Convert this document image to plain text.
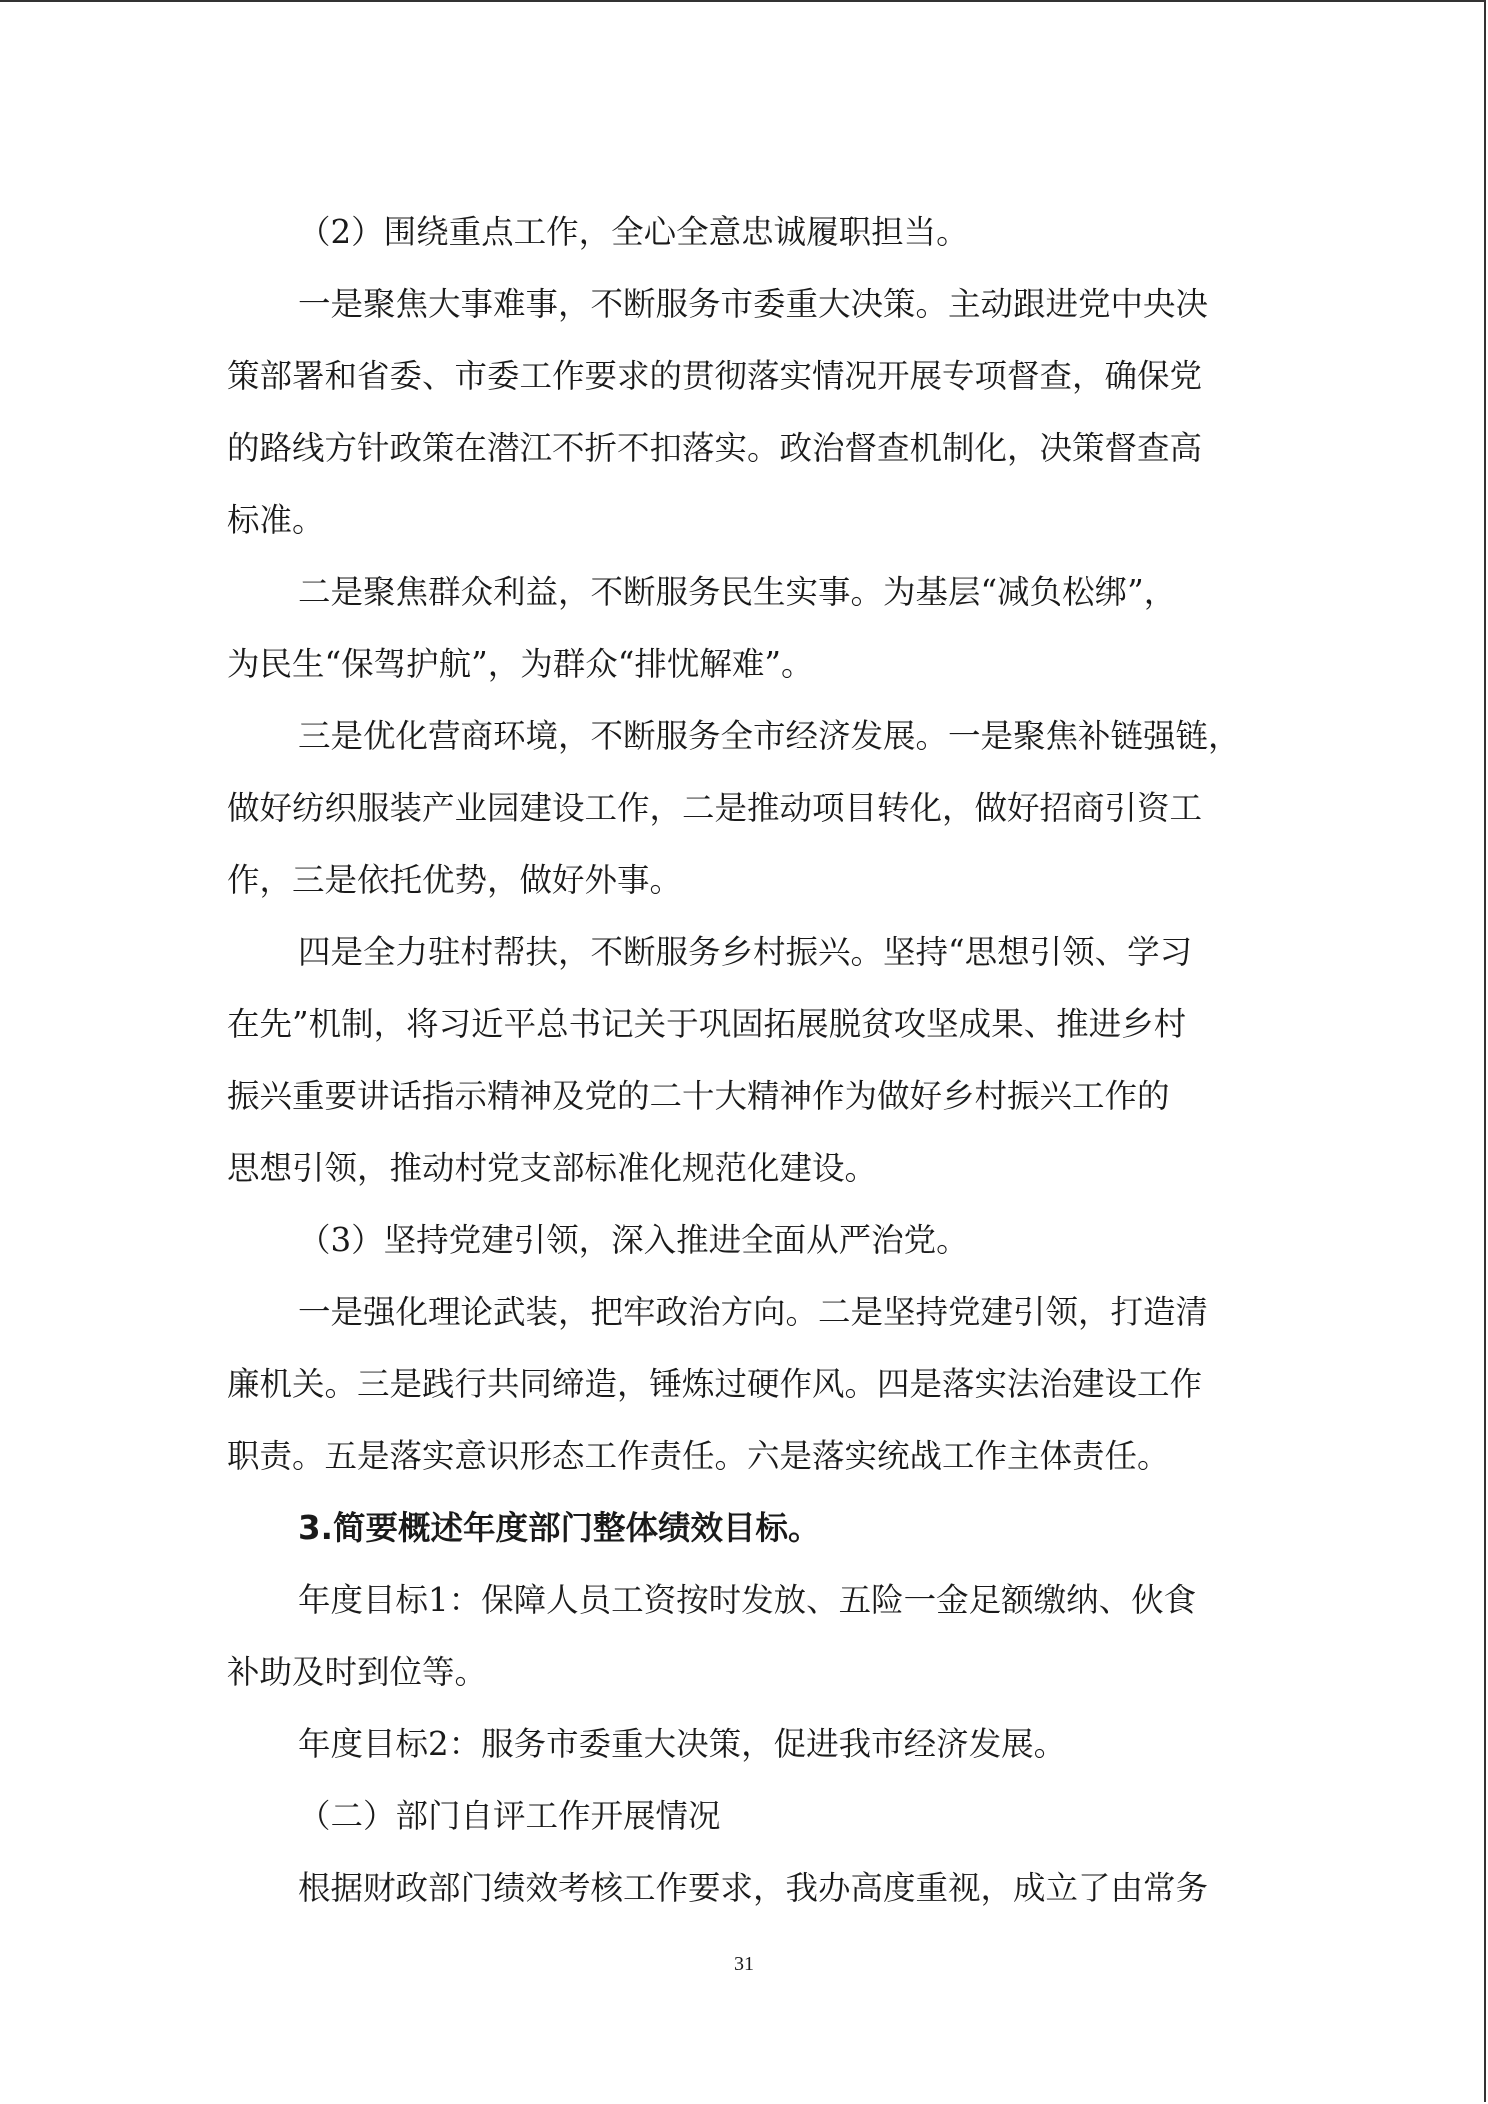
（2）围绕重点工作，全心全意忠诚履职担当。
一是聚焦大事难事，不断服务市委重大决策。主动跟进党中央决
策部署和省委、市委工作要求的贯彻落实情况开展专项督查，确保党
的路线方针政策在潜江不折不扣落实。政治督查机制化，决策督查高
标准。
二是聚焦群众利益，不断服务民生实事。为基层“减负松绑”，
为民生“保驾护航”，为群众“排忧解难”。
三是优化营商环境，不断服务全市经济发展。一是聚焦补链强链，
做好纺织服装产业园建设工作，二是推动项目转化，做好招商引资工
作，三是依托优势，做好外事。
四是全力驻村帮扶，不断服务乡村振兴。坚持“思想引领、学习
在先”机制，将习近平总书记关于巩固拓展脱贫攻坚成果、推进乡村
振兴重要讲话指示精神及党的二十大精神作为做好乡村振兴工作的
思想引领，推动村党支部标准化规范化建设。
（3）坚持党建引领，深入推进全面从严治党。
一是强化理论武装，把牢政治方向。二是坚持党建引领，打造清
廉机关。三是践行共同缔造，锤炼过硬作风。四是落实法治建设工作
职责。五是落实意识形态工作责任。六是落实统战工作主体责任。
3.简要概述年度部门整体绩效目标。
年度目标1：保障人员工资按时发放、五险一金足额缴纳、伙食
补助及时到位等。
年度目标2：服务市委重大决策，促进我市经济发展。
（二）部门自评工作开展情况
根据财政部门绩效考核工作要求，我办高度重视，成立了由常务
31
